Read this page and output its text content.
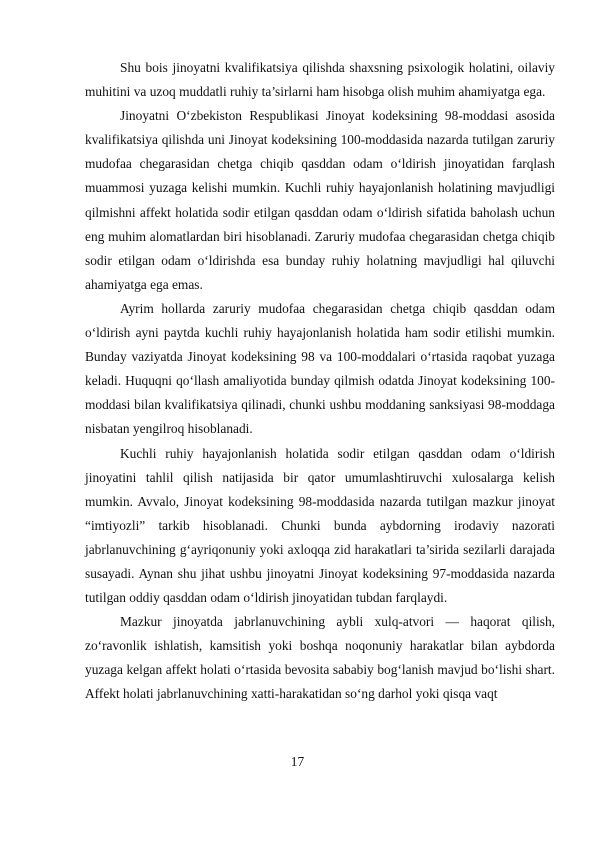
Shu bois jinoyatni kvalifikatsiya qilishda shaxsning psixologik holatini, oilaviy muhitini va uzoq muddatli ruhiy ta’sirlarni ham hisobga olish muhim ahamiyatga ega.

Jinoyatni O‘zbekiston Respublikasi Jinoyat kodeksining 98-moddasi asosida kvalifikatsiya qilishda uni Jinoyat kodeksining 100-moddasida nazarda tutilgan zaruriy mudofaa chegarasidan chetga chiqib qasddan odam o‘ldirish jinoyatidan farqlash muammosi yuzaga kelishi mumkin. Kuchli ruhiy hayajonlanish holatining mavjudligi qilmishni affekt holatida sodir etilgan qasddan odam o‘ldirish sifatida baholash uchun eng muhim alomatlardan biri hisoblanadi. Zaruriy mudofaa chegarasidan chetga chiqib sodir etilgan odam o‘ldirishda esa bunday ruhiy holatning mavjudligi hal qiluvchi ahamiyatga ega emas.

Ayrim hollarda zaruriy mudofaa chegarasidan chetga chiqib qasddan odam o‘ldirish ayni paytda kuchli ruhiy hayajonlanish holatida ham sodir etilishi mumkin. Bunday vaziyatda Jinoyat kodeksining 98 va 100-moddalari o‘rtasida raqobat yuzaga keladi. Huquqni qo‘llash amaliyotida bunday qilmish odatda Jinoyat kodeksining 100-moddasi bilan kvalifikatsiya qilinadi, chunki ushbu moddaning sanksiyasi 98-moddaga nisbatan yengilroq hisoblanadi.

Kuchli ruhiy hayajonlanish holatida sodir etilgan qasddan odam o‘ldirish jinoyatini tahlil qilish natijasida bir qator umumlashtiruvchi xulosalarga kelish mumkin. Avvalo, Jinoyat kodeksining 98-moddasida nazarda tutilgan mazkur jinoyat “imtiyozli” tarkib hisoblanadi. Chunki bunda aybdorning irodaviy nazorati jabrlanuvchining g‘ayriqonuniy yoki axloqqa zid harakatlari ta’sirida sezilarli darajada susayadi. Aynan shu jihat ushbu jinoyatni Jinoyat kodeksining 97-moddasida nazarda tutilgan oddiy qasddan odam o‘ldirish jinoyatidan tubdan farqlaydi.

Mazkur jinoyatda jabrlanuvchining aybli xulq-atvori — haqorat qilish, zo‘ravonlik ishlatish, kamsitish yoki boshqa noqonuniy harakatlar bilan aybdorda yuzaga kelgan affekt holati o‘rtasida bevosita sababiy bog‘lanish mavjud bo‘lishi shart. Affekt holati jabrlanuvchining xatti-harakatidan so‘ng darhol yoki qisqa vaqt

17
